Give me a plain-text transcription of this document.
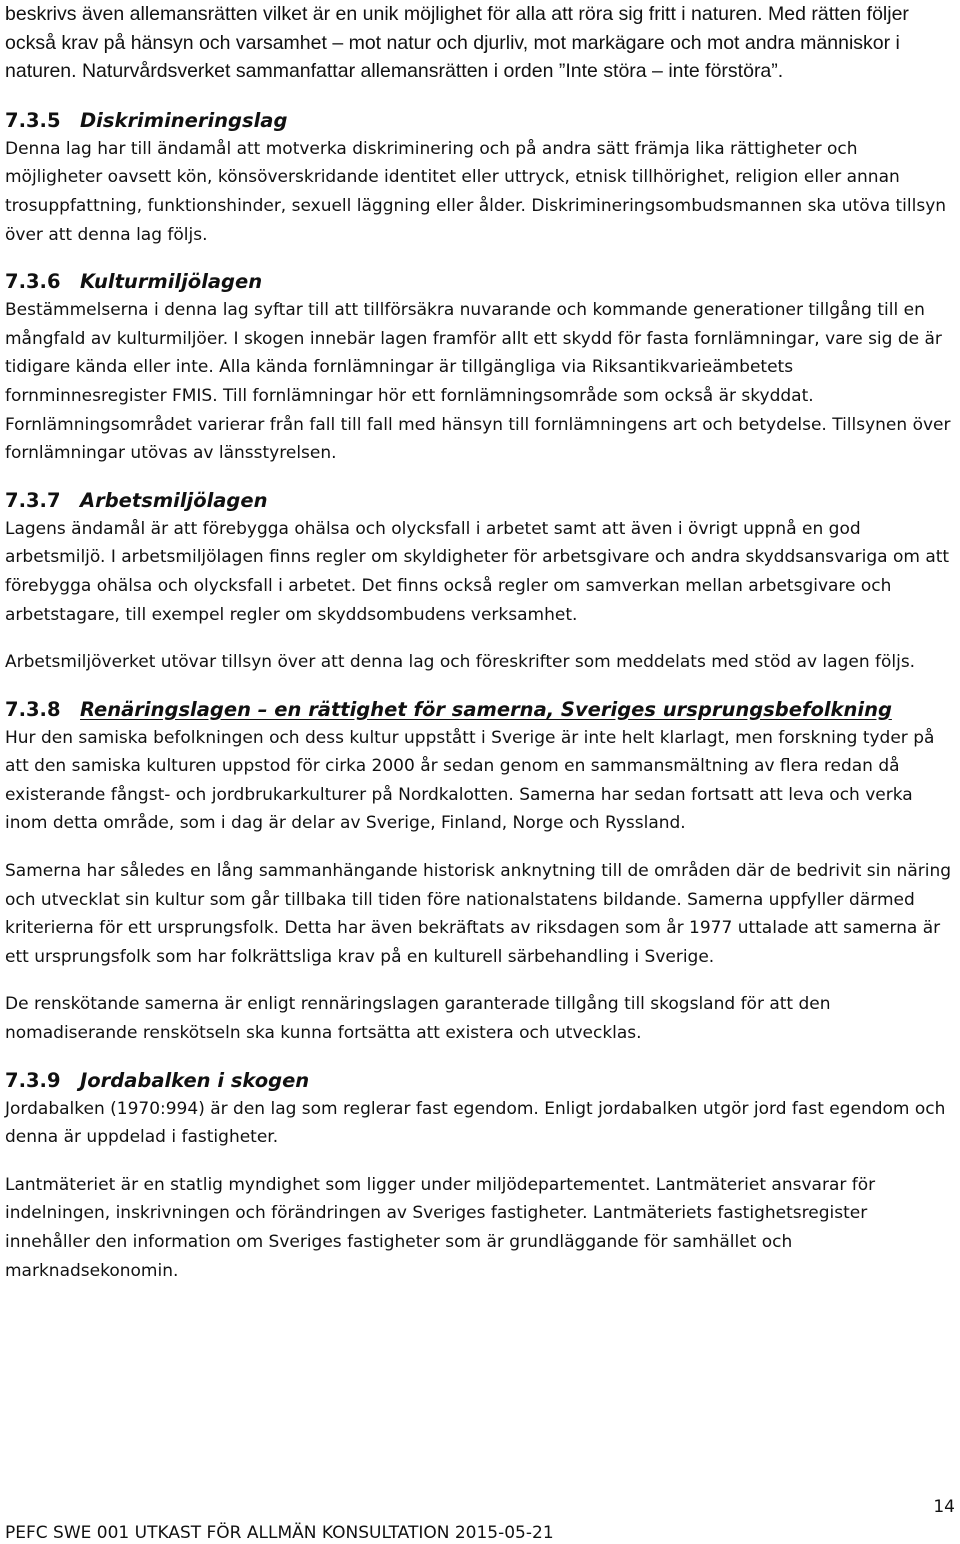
beskrivs även allemansrätten vilket är en unik möjlighet för alla att röra sig fritt i naturen. Med rätten följer också krav på hänsyn och varsamhet – mot natur och djurliv, mot markägare och mot andra människor i naturen. Naturvårdsverket sammanfattar allemansrätten i orden ”Inte störa – inte förstöra”.

7.3.5 Diskrimineringslag

Denna lag har till ändamål att motverka diskriminering och på andra sätt främja lika rättigheter och möjligheter oavsett kön, könsöverskridande identitet eller uttryck, etnisk tillhörighet, religion eller annan trosuppfattning, funktionshinder, sexuell läggning eller ålder. Diskrimineringsombudsmannen ska utöva tillsyn över att denna lag följs.

7.3.6 Kulturmiljölagen

Bestämmelserna i denna lag syftar till att tillförsäkra nuvarande och kommande generationer tillgång till en mångfald av kulturmiljöer. I skogen innebär lagen framför allt ett skydd för fasta fornlämningar, vare sig de är tidigare kända eller inte. Alla kända fornlämningar är tillgängliga via Riksantikvarieämbetets fornminnesregister FMIS. Till fornlämningar hör ett fornlämningsområde som också är skyddat. Fornlämningsområdet varierar från fall till fall med hänsyn till fornlämningens art och betydelse. Tillsynen över fornlämningar utövas av länsstyrelsen.

7.3.7 Arbetsmiljölagen

Lagens ändamål är att förebygga ohälsa och olycksfall i arbetet samt att även i övrigt uppnå en god arbetsmiljö. I arbetsmiljölagen finns regler om skyldigheter för arbetsgivare och andra skyddsansvariga om att förebygga ohälsa och olycksfall i arbetet. Det finns också regler om samverkan mellan arbetsgivare och arbetstagare, till exempel regler om skyddsombudens verksamhet.

Arbetsmiljöverket utövar tillsyn över att denna lag och föreskrifter som meddelats med stöd av lagen följs.

7.3.8 Renäringslagen – en rättighet för samerna, Sveriges ursprungsbefolkning

Hur den samiska befolkningen och dess kultur uppstått i Sverige är inte helt klarlagt, men forskning tyder på att den samiska kulturen uppstod för cirka 2000 år sedan genom en sammansmältning av flera redan då existerande fångst- och jordbrukarkulturer på Nordkalotten. Samerna har sedan fortsatt att leva och verka inom detta område, som i dag är delar av Sverige, Finland, Norge och Ryssland.

Samerna har således en lång sammanhängande historisk anknytning till de områden där de bedrivit sin näring och utvecklat sin kultur som går tillbaka till tiden före nationalstatens bildande. Samerna uppfyller därmed kriterierna för ett ursprungsfolk. Detta har även bekräftats av riksdagen som år 1977 uttalade att samerna är ett ursprungsfolk som har folkrättsliga krav på en kulturell särbehandling i Sverige.

De renskötande samerna är enligt rennäringslagen garanterade tillgång till skogsland för att den nomadiserande renskötseln ska kunna fortsätta att existera och utvecklas.

7.3.9 Jordabalken i skogen

Jordabalken (1970:994) är den lag som reglerar fast egendom. Enligt jordabalken utgör jord fast egendom och denna är uppdelad i fastigheter.

Lantmäteriet är en statlig myndighet som ligger under miljödepartementet. Lantmäteriet ansvarar för indelningen, inskrivningen och förändringen av Sveriges fastigheter. Lantmäteriets fastighetsregister innehåller den information om Sveriges fastigheter som är grundläggande för samhället och marknadsekonomin.

14
PEFC SWE 001 UTKAST FÖR ALLMÄN KONSULTATION 2015-05-21
